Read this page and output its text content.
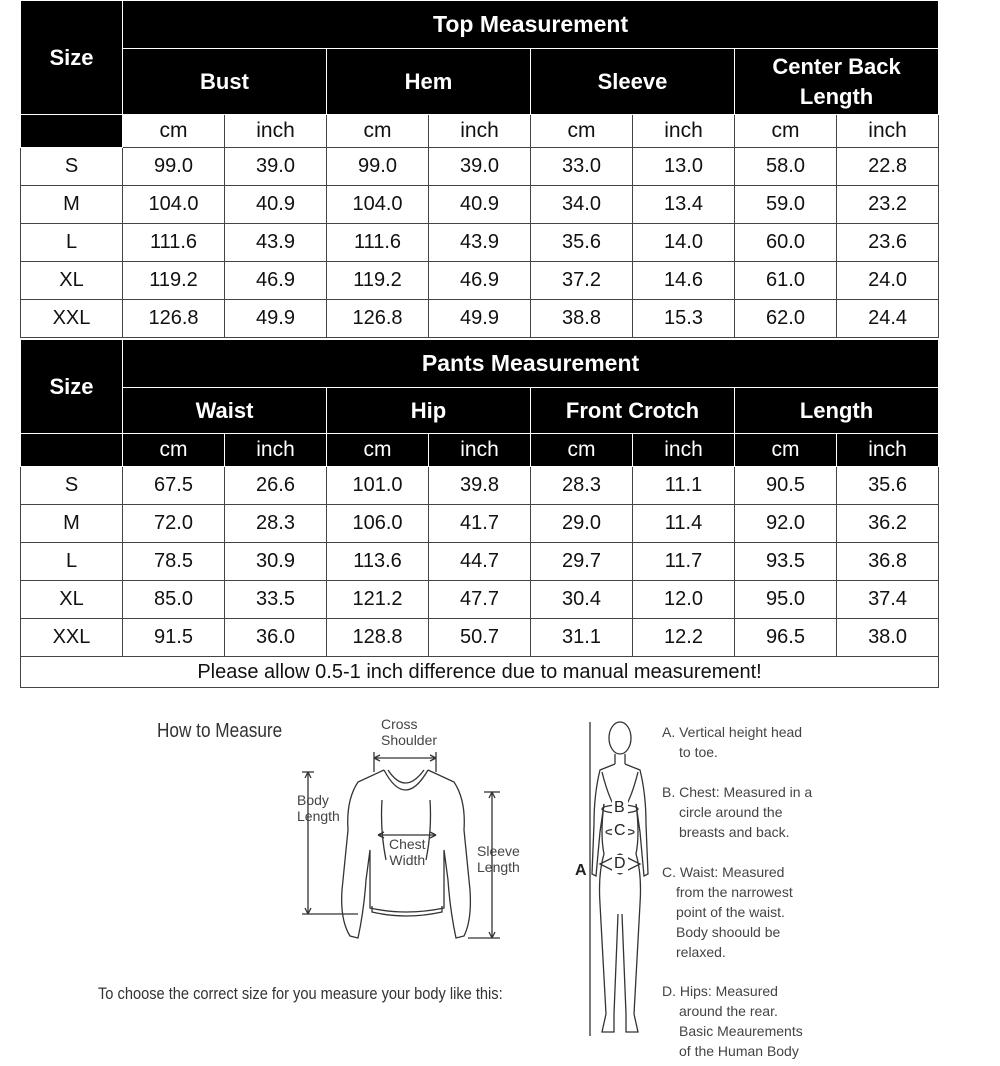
Size	Top Measurement							
	Bust		Hem		Sleeve		Center Back Length	
	cm	inch	cm	inch	cm	inch	cm	inch
S	99.0	39.0	99.0	39.0	33.0	13.0	58.0	22.8
M	104.0	40.9	104.0	40.9	34.0	13.4	59.0	23.2
L	111.6	43.9	111.6	43.9	35.6	14.0	60.0	23.6
XL	119.2	46.9	119.2	46.9	37.2	14.6	61.0	24.0
XXL	126.8	49.9	126.8	49.9	38.8	15.3	62.0	24.4
Size	Pants Measurement							
	Waist		Hip		Front Crotch		Length	
	cm	inch	cm	inch	cm	inch	cm	inch
S	67.5	26.6	101.0	39.8	28.3	11.1	90.5	35.6
M	72.0	28.3	106.0	41.7	29.0	11.4	92.0	36.2
L	78.5	30.9	113.6	44.7	29.7	11.7	93.5	36.8
XL	85.0	33.5	121.2	47.7	30.4	12.0	95.0	37.4
XXL	91.5	36.0	128.8	50.7	31.1	12.2	96.5	38.0
Please allow 0.5-1 inch difference due to manual measurement!								
How to Measure	Cross
Shoulder
Body
Length
Chest
Width
Sleeve
Length
B
C
D
A
A. Vertical height head
to toe.
B. Chest: Measured in a
circle around the
breasts and back.
C. Waist: Measured
from the narrowest
point of the waist.
Body shoould be
relaxed.
D. Hips: Measured
around the rear.
Basic Meaurements
of the Human Body
To choose the correct size for you measure your body like this:
